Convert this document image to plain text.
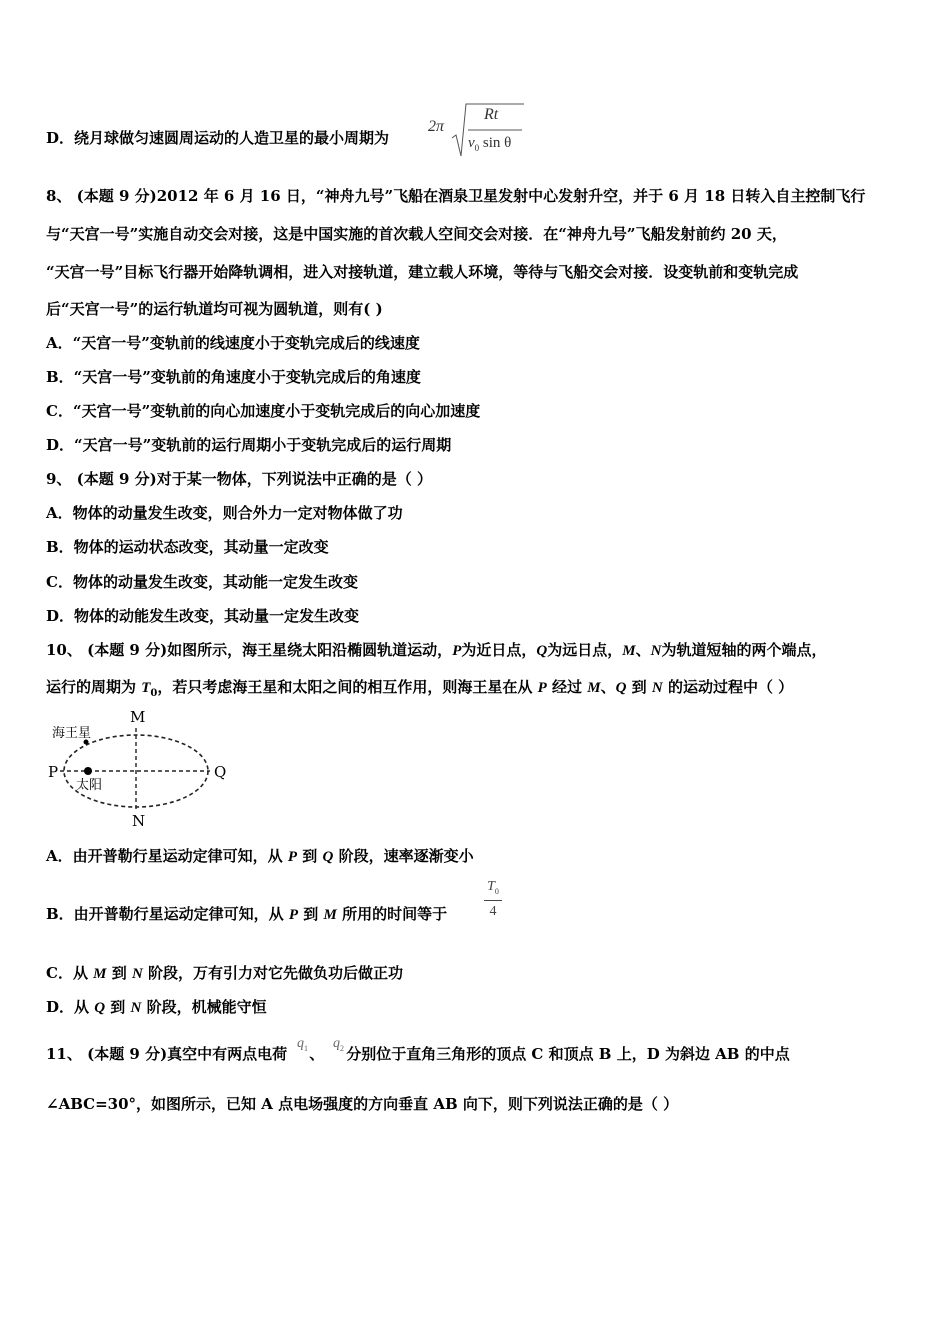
D．绕月球做匀速圆周运动的人造卫星的最小周期为
2π
Rt
$v_0$ sin θ
8、 (本题 9 分)2012 年 6 月 16 日，“神舟九号”飞船在酒泉卫星发射中心发射升空，并于 6 月 18 日转入自主控制飞行
与“天宫一号”实施自动交会对接，这是中国实施的首次载人空间交会对接．在“神舟九号”飞船发射前约 20 天，
“天宫一号”目标飞行器开始降轨调相，进入对接轨道，建立载人环境，等待与飞船交会对接．设变轨前和变轨完成
后“天宫一号”的运行轨道均可视为圆轨道，则有( )
A．“天宫一号”变轨前的线速度小于变轨完成后的线速度
B．“天宫一号”变轨前的角速度小于变轨完成后的角速度
C．“天宫一号”变轨前的向心加速度小于变轨完成后的向心加速度
D．“天宫一号”变轨前的运行周期小于变轨完成后的运行周期
9、 (本题 9 分)对于某一物体，下列说法中正确的是（ ）
A．物体的动量发生改变，则合外力一定对物体做了功
B．物体的运动状态改变，其动量一定改变
C．物体的动量发生改变，其动能一定发生改变
D．物体的动能发生改变，其动量一定发生改变
10、 (本题 9 分)如图所示，海王星绕太阳沿椭圆轨道运动，P为近日点，Q为远日点，M、N为轨道短轴的两个端点，
运行的周期为 $T_0$，若只考虑海王星和太阳之间的相互作用，则海王星在从 P 经过 M、Q 到 N 的运动过程中（ ）
海王星
太阳
M
N
P	Q
A．由开普勒行星运动定律可知，从 P 到 Q 阶段，速率逐渐变小
B．由开普勒行星运动定律可知，从 P 到 M 所用的时间等于
$T_0$
4
C．从 M 到 N 阶段，万有引力对它先做负功后做正功
D．从 Q 到 N 阶段，机械能守恒
11、 (本题 9 分)真空中有两点电荷 、 分别位于直角三角形的顶点 C 和顶点 B 上，D 为斜边 AB 的中点
$q_1$ $q_2$
∠ABC=30°，如图所示，已知 A 点电场强度的方向垂直 AB 向下，则下列说法正确的是（ ）
